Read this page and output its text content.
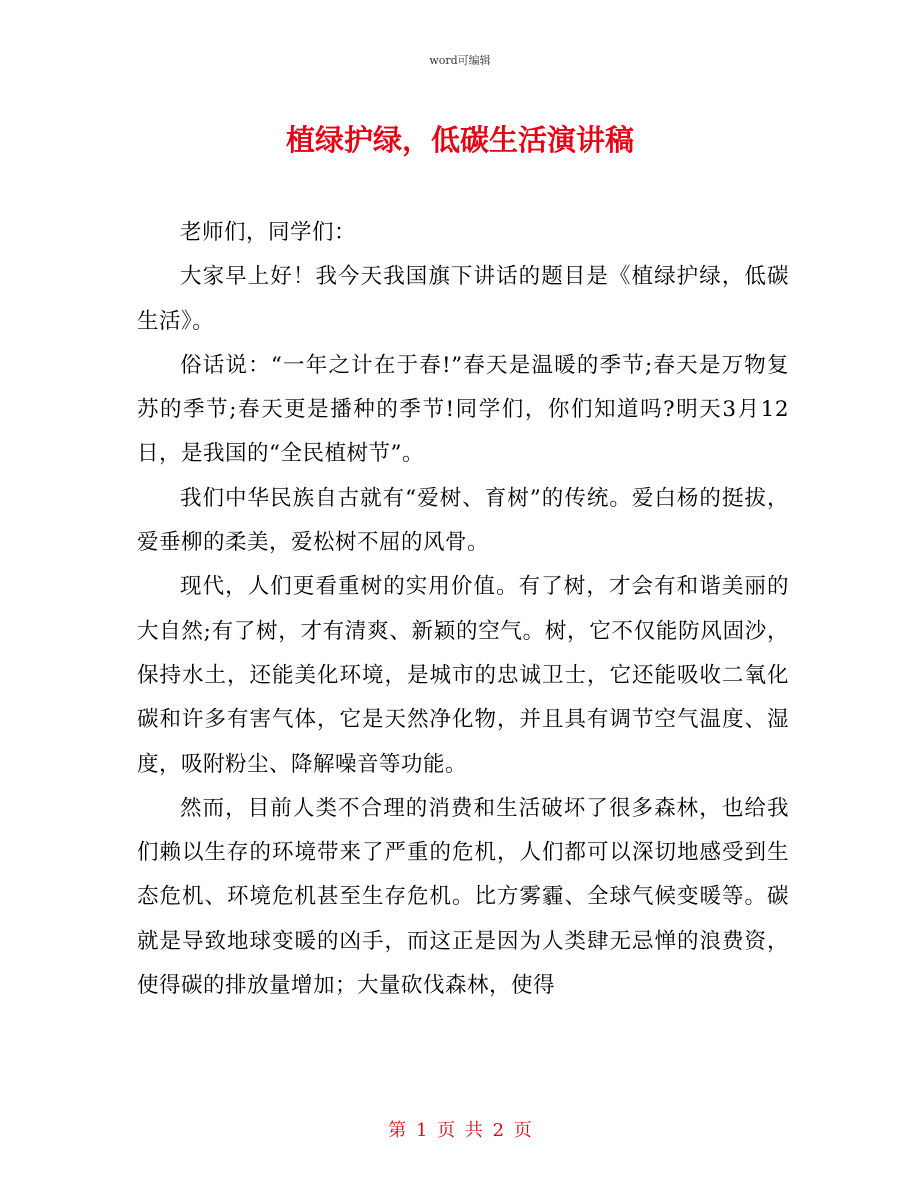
word可编辑
植绿护绿，低碳生活演讲稿

老师们，同学们：

大家早上好！我今天我国旗下讲话的题目是《植绿护绿，低碳生活》。

俗话说：“一年之计在于春!”春天是温暖的季节;春天是万物复苏的季节;春天更是播种的季节!同学们，你们知道吗?明天3月12日，是我国的“全民植树节”。

我们中华民族自古就有“爱树、育树”的传统。爱白杨的挺拔，爱垂柳的柔美，爱松树不屈的风骨。

现代，人们更看重树的实用价值。有了树，才会有和谐美丽的大自然;有了树，才有清爽、新颖的空气。树，它不仅能防风固沙，保持水土，还能美化环境，是城市的忠诚卫士，它还能吸收二氧化碳和许多有害气体，它是天然净化物，并且具有调节空气温度、湿度，吸附粉尘、降解噪音等功能。

然而，目前人类不合理的消费和生活破坏了很多森林，也给我们赖以生存的环境带来了严重的危机，人们都可以深切地感受到生态危机、环境危机甚至生存危机。比方雾霾、全球气候变暖等。碳就是导致地球变暖的凶手，而这正是因为人类肆无忌惮的浪费资，使得碳的排放量增加；大量砍伐森林，使得

第 1 页 共 2 页
